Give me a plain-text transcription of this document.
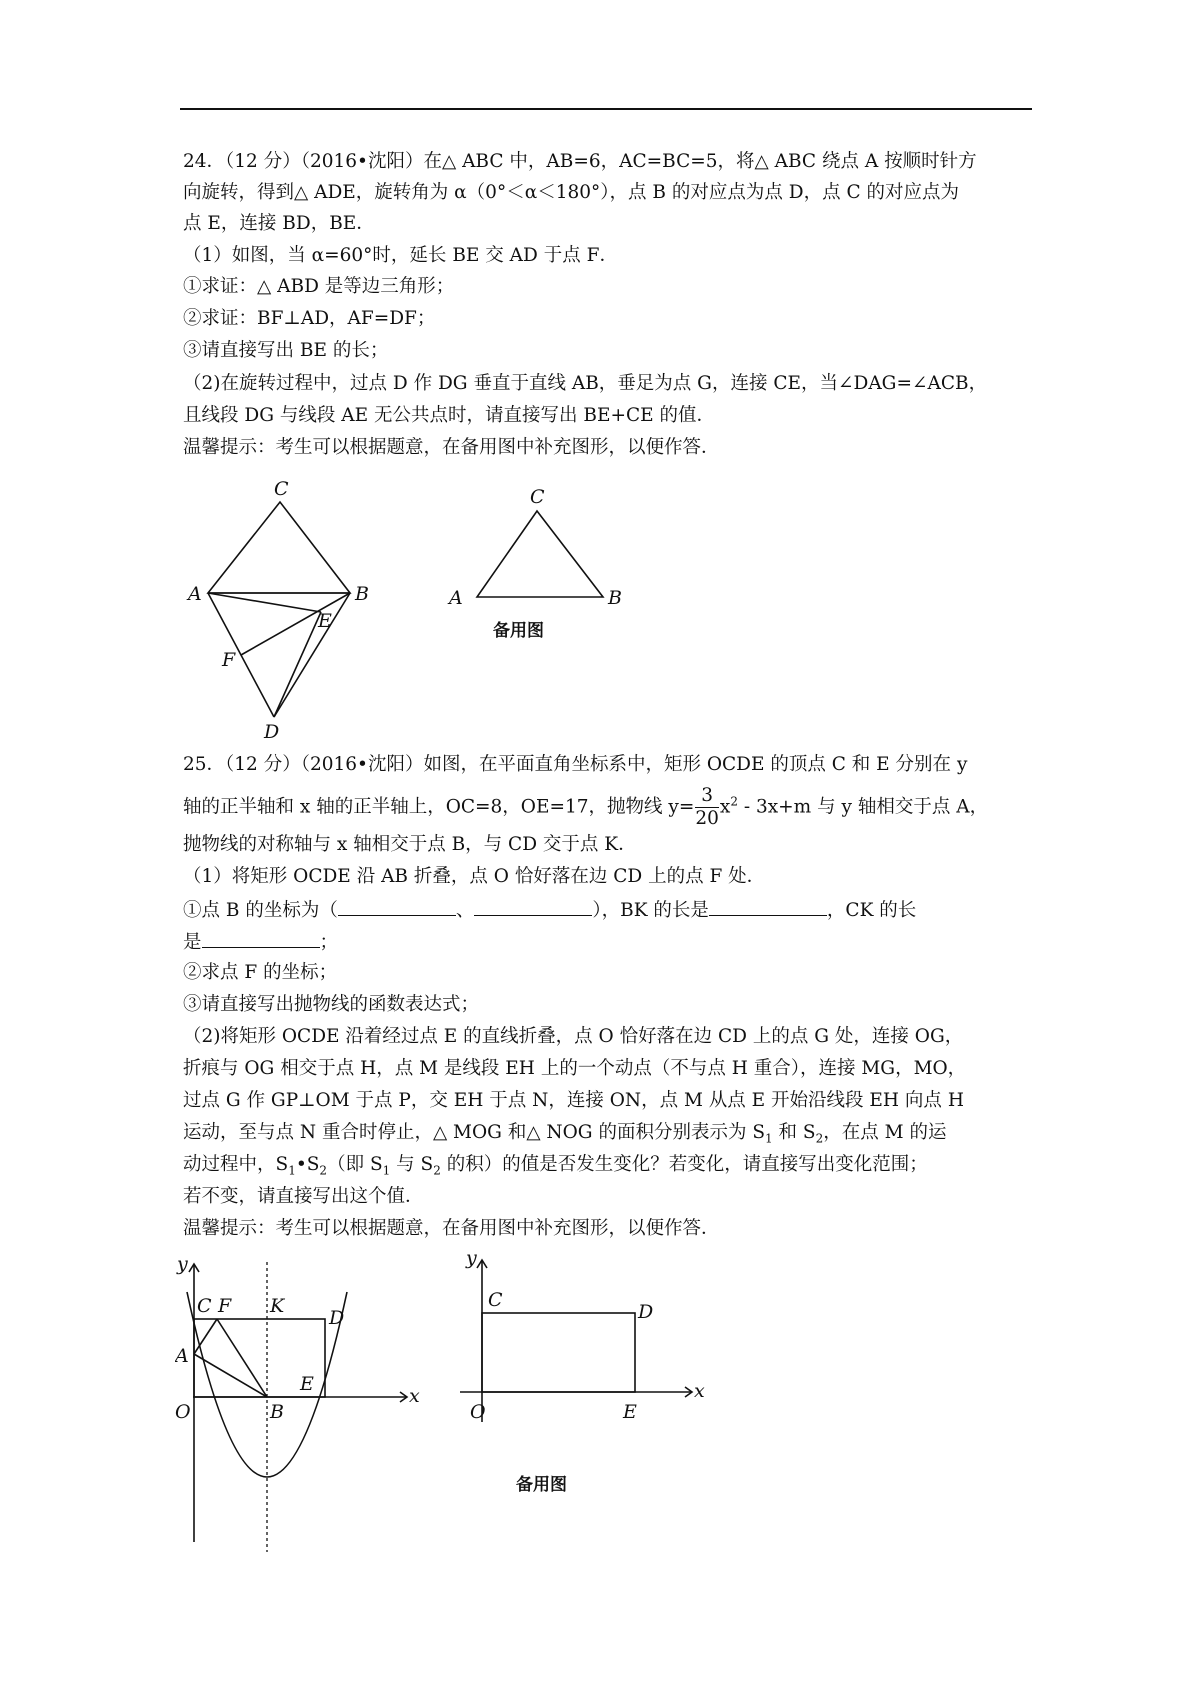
24．（12 分）（2016•沈阳）在△ ABC 中，AB=6，AC=BC=5，将△ ABC 绕点 A 按顺时针方
向旋转，得到△ ADE，旋转角为 α（0°＜α＜180°），点 B 的对应点为点 D，点 C 的对应点为
点 E，连接 BD，BE．
（1）如图，当 α=60°时，延长 BE 交 AD 于点 F．
①求证：△ ABD 是等边三角形；
②求证：BF⊥AD，AF=DF；
③请直接写出 BE 的长；
（2)在旋转过程中，过点 D 作 DG 垂直于直线 AB，垂足为点 G，连接 CE，当∠DAG=∠ACB，
且线段 DG 与线段 AE 无公共点时，请直接写出 BE+CE 的值．
温馨提示：考生可以根据题意，在备用图中补充图形，以便作答．
C
A	B
E
F
D
C
A	B
备用图
25．（12 分）（2016•沈阳）如图，在平面直角坐标系中，矩形 OCDE 的顶点 C 和 E 分别在 y
轴的正半轴和 x 轴的正半轴上，OC=8，OE=17，抛物线 $y= \frac{3}{20} x^2 - 3x+m$ 与 y 轴相交于点 A，
抛物线的对称轴与 x 轴相交于点 B，与 CD 交于点 K．
（1）将矩形 OCDE 沿 AB 折叠，点 O 恰好落在边 CD 上的点 F 处．
①点 B 的坐标为（	、	），BK 的长是	，CK 的长
是	；
②求点 F 的坐标；
③请直接写出抛物线的函数表达式；
（2)将矩形 OCDE 沿着经过点 E 的直线折叠，点 O 恰好落在边 CD 上的点 G 处，连接 OG，
折痕与 OG 相交于点 H，点 M 是线段 EH 上的一个动点（不与点 H 重合），连接 MG，MO，
过点 G 作 GP⊥OM 于点 P，交 EH 于点 N，连接 ON，点 M 从点 E 开始沿线段 EH 向点 H
运动，至与点 N 重合时停止，△ MOG 和△ NOG 的面积分别表示为 $S_1$ 和 $S_2$，在点 M 的运
动过程中，$S_1•S_2$（即 $S_1$ 与 $S_2$ 的积）的值是否发生变化？若变化，请直接写出变化范围；
若不变，请直接写出这个值．
温馨提示：考生可以根据题意，在备用图中补充图形，以便作答．
y
C F K
D
A
E
O	B
x
y
C
D
O	E
x
备用图
